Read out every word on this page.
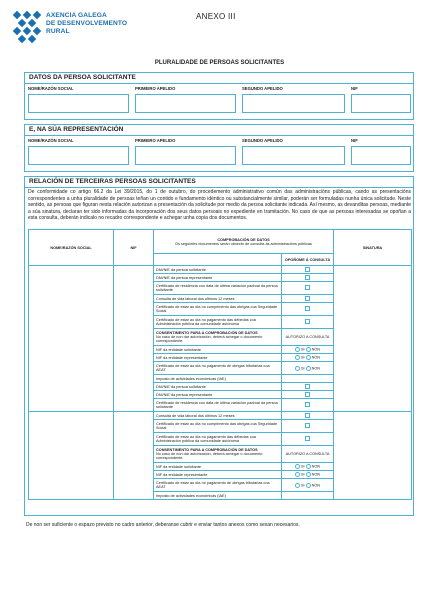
AXENCIA GALEGA
DE DESENVOLVEMENTO
RURAL
ANEXO III
PLURALIDADE DE PERSOAS SOLICITANTES
DATOS DA PERSOA SOLICITANTE
NOME/RAZÓN SOCIAL	PRIMEIRO APELIDO	SEGUNDO APELIDO	NIF
E, NA SÚA REPRESENTACIÓN
NOME/RAZÓN SOCIAL	PRIMEIRO APELIDO	SEGUNDO APELIDO	NIF
RELACIÓN DE TERCEIRAS PERSOAS SOLICITANTES
De conformidade co artigo 66.2 da Lei 39/2015, do 1 de outubro, do procedemento administrativo común das administracións públicas, cando as presentacións correspondentes a unha pluralidade de persoas teñan un contido e fundamento idéntico ou substancialmente similar, poderán ser formuladas nunha única solicitude. Neste sentido, as persoas que figuran nesta relación autorizan a presentación da solicitude por medio da persoa solicitante indicada. Así mesmo, as devanditas persoas, mediante a súa sinatura, declaran ter sido informadas da incorporación dos seus datos persoais no expediente en tramitación. No caso de que as persoas interesadas se opoñan a esta consulta, deberán indicalo no recadro correspondente e achegar unha copia dos documentos.
NOME/RAZÓN SOCIAL	NIF	COMPROBACIÓN DE DATOS
Os seguintes documentos serán obxecto de consulta ás administracións públicas		SINATURA
			OPOÑOME Á CONSULTA	
		DNI/NIE da persoa solicitante		
		DNI/NIE da persoa representante		
		Certificado de residencia con data de última variación padroal da persoa solicitante		
		Consulta de vida laboral dos últimos 12 meses		
		Certificado de estar ao día no cumprimento das obrigas coa Seguridade Social		
		Certificado de estar ao día no pagamento das débedas coa Administración pública da comunidade autónoma		
		CONSENTIMENTO PARA A COMPROBACIÓN DE DATOS
No caso de non dar autorización, deberá achegar o documento correspondente.	AUTORIZO A CONSULTA	
		NIF da entidade solicitante	SI NON	
		NIF da entidade representante	SI NON	
		Certificado de estar ao día no pagamento de obrigas tributarias coa AEAT	SI NON	
		Imposto de actividades económicas (IAE)		
		DNI/NIE da persoa solicitante		
		DNI/NIE da persoa representante		
		Certificado de residencia con data de última variación padroal da persoa solicitante		
		Consulta de vida laboral dos últimos 12 meses		
		Certificado de estar ao día no cumprimento das obrigas coa Seguridade Social		
		Certificado de estar ao día no pagamento das débedas coa Administración pública da comunidade autónoma		
		CONSENTIMENTO PARA A COMPROBACIÓN DE DATOS
No caso de non dar autorización, deberá achegar o documento correspondente.	AUTORIZO A CONSULTA	
		NIF da entidade solicitante	SI NON	
		NIF da entidade representante	SI NON	
		Certificado de estar ao día no pagamento de obrigas tributarias coa AEAT	SI NON	
		Imposto de actividades económicas (IAE)		
De non ser suficiente o espazo previsto no cadro anterior, deberanse cubrir e enviar tantos anexos como sexan necesarios.
